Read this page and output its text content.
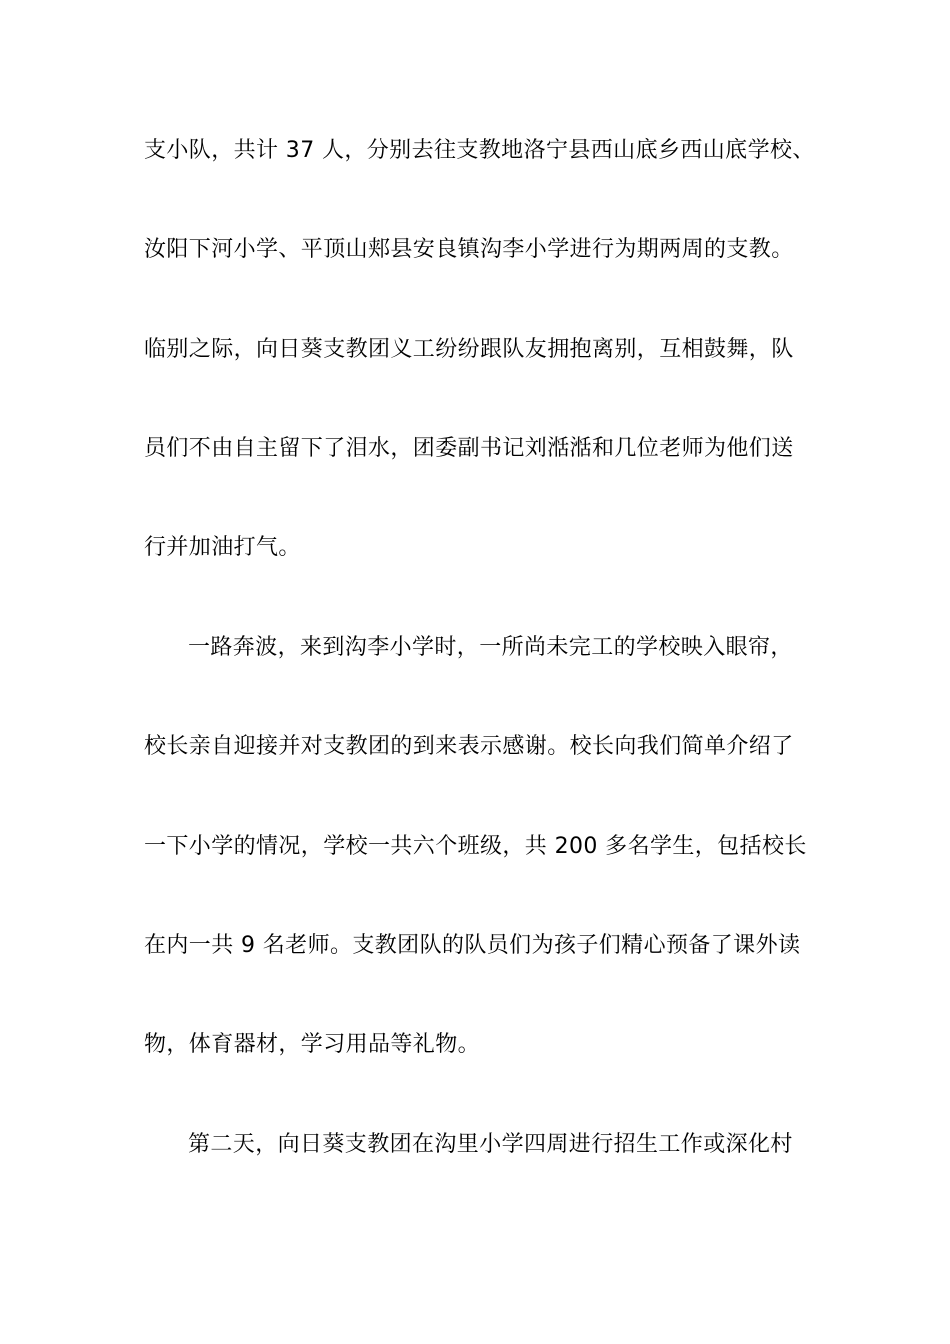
支小队，共计 37 人，分别去往支教地洛宁县西山底乡西山底学校、
汝阳下河小学、平顶山郏县安良镇沟李小学进行为期两周的支教。
临别之际，向日葵支教团义工纷纷跟队友拥抱离别，互相鼓舞，队
员们不由自主留下了泪水，团委副书记刘湉湉和几位老师为他们送
行并加油打气。
一路奔波，来到沟李小学时，一所尚未完工的学校映入眼帘，
校长亲自迎接并对支教团的到来表示感谢。校长向我们简单介绍了
一下小学的情况，学校一共六个班级，共 200 多名学生，包括校长
在内一共 9 名老师。支教团队的队员们为孩子们精心预备了课外读
物，体育器材，学习用品等礼物。
第二天，向日葵支教团在沟里小学四周进行招生工作或深化村
